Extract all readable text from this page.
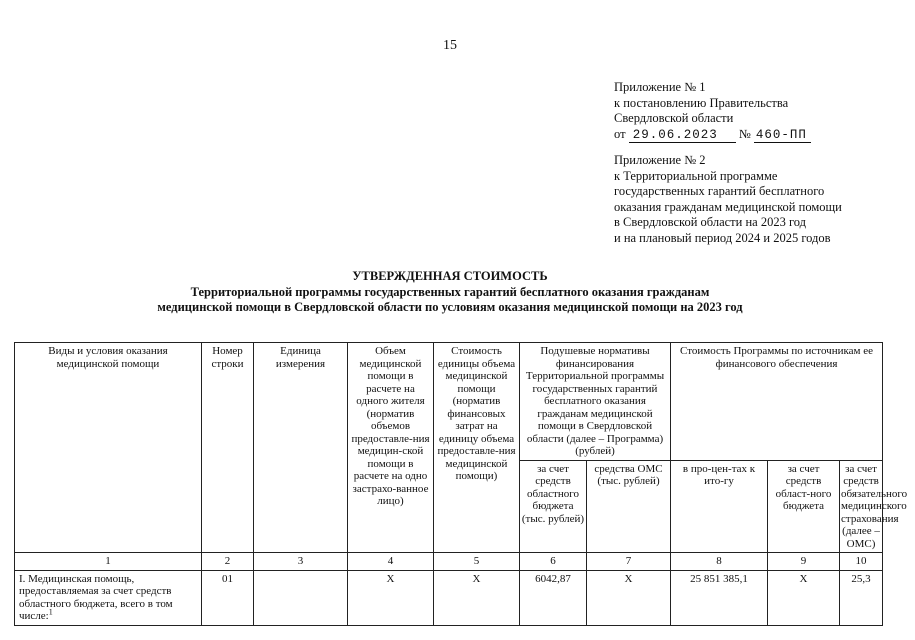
15
Приложение № 1
к постановлению Правительства
Свердловской области
от 29.06.2023 № 460-ПП
Приложение № 2
к Территориальной программе
государственных гарантий бесплатного
оказания гражданам медицинской помощи
в Свердловской области на 2023 год
и на плановый период 2024 и 2025 годов
УТВЕРЖДЕННАЯ СТОИМОСТЬ
Территориальной программы государственных гарантий бесплатного оказания гражданам
медицинской помощи в Свердловской области по условиям оказания медицинской помощи на 2023 год
Виды и условия оказания медицинской помощи	Номер строки	Единица измерения	Объем медицинской помощи в расчете на одного жителя (норматив объемов предоставле-ния медицин-ской помощи в расчете на одно застрахо-ванное лицо)	Стоимость единицы объема медицинской помощи (норматив финансовых затрат на единицу объема предоставле-ния медицинской помощи)	Подушевые нормативы финансирования Территориальной программы государственных гарантий бесплатного оказания гражданам медицинской помощи в Свердловской области (далее – Программа) (рублей)		Стоимость Программы по источникам ее финансового обеспечения		
					за счет средств областного бюджета (тыс. рублей)	средства ОМС (тыс. рублей)	в про-цен-тах к ито-гу		
								за счет средств област-ного бюджета	за счет средств обязательного медицинского страхования (далее – ОМС)
1	2	3	4	5	6	7	8	9	10
I. Медицинская помощь, предоставляемая за счет средств областного бюджета, всего в том числе:$^1$	01		Х	Х	6042,87	Х	25 851 385,1	Х	25,3
